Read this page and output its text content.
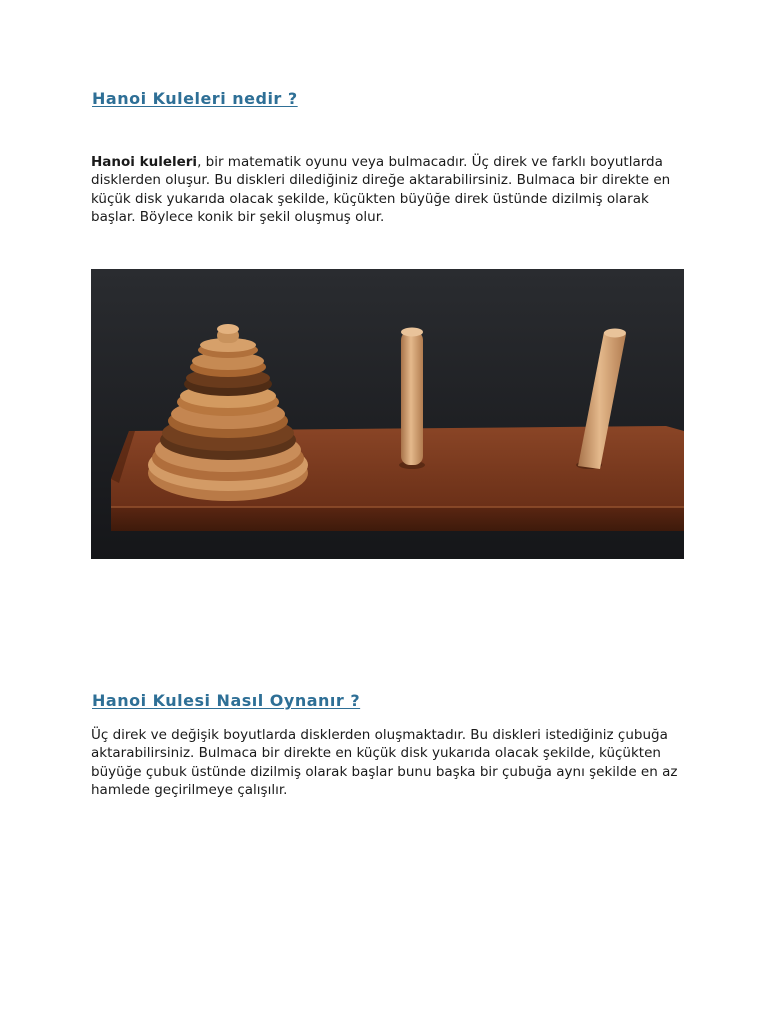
Hanoi Kuleleri nedir ?

Hanoi kuleleri, bir matematik oyunu veya bulmacadır. Üç direk ve farklı boyutlarda disklerden oluşur. Bu diskleri dilediğiniz direğe aktarabilirsiniz. Bulmaca bir direkte en küçük disk yukarıda olacak şekilde, küçükten büyüğe direk üstünde dizilmiş olarak başlar. Böylece konik bir şekil oluşmuş olur.

Hanoi Kulesi Nasıl Oynanır ?

Üç direk ve değişik boyutlarda disklerden oluşmaktadır. Bu diskleri istediğiniz çubuğa aktarabilirsiniz. Bulmaca bir direkte en küçük disk yukarıda olacak şekilde, küçükten büyüğe çubuk üstünde dizilmiş olarak başlar bunu başka bir çubuğa aynı şekilde en az hamlede geçirilmeye çalışılır.
